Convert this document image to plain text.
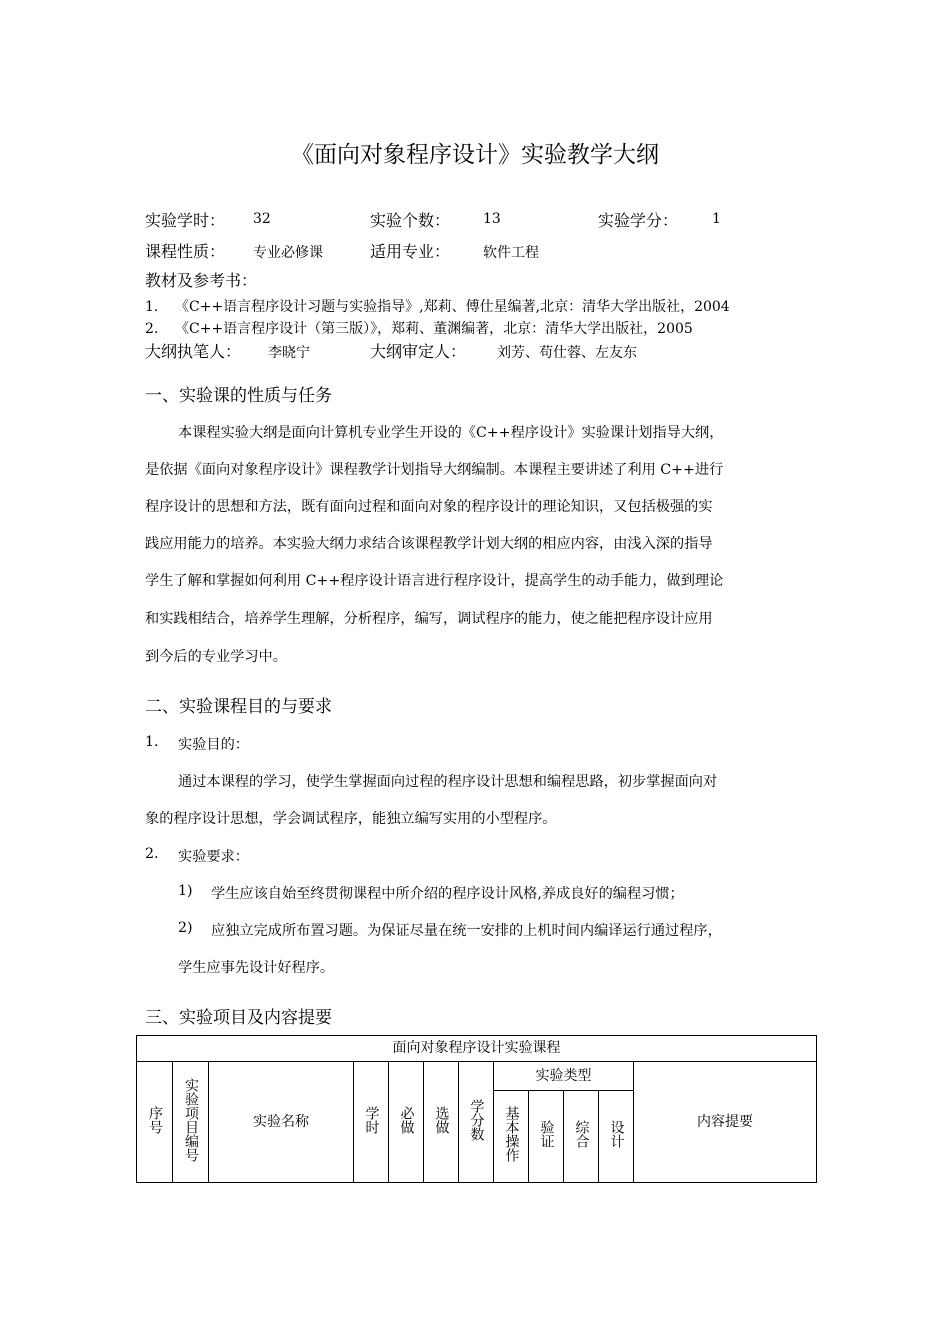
《面向对象程序设计》实验教学大纲
实验学时： 32	实验个数： 13	实验学分： 1
课程性质： 专业必修课	适用专业： 软件工程
教材及参考书：
1. 《C++语言程序设计习题与实验指导》,郑莉、傅仕星编著,北京：清华大学出版社，2004
2. 《C++语言程序设计（第三版）》，郑莉、董渊编著，北京：清华大学出版社，2005
大纲执笔人： 李晓宁	大纲审定人： 刘芳、苟仕蓉、左友东
一、实验课的性质与任务
本课程实验大纲是面向计算机专业学生开设的《C++程序设计》实验课计划指导大纲，
是依据《面向对象程序设计》课程教学计划指导大纲编制。本课程主要讲述了利用 C++进行
程序设计的思想和方法，既有面向过程和面向对象的程序设计的理论知识，又包括极强的实
践应用能力的培养。本实验大纲力求结合该课程教学计划大纲的相应内容，由浅入深的指导
学生了解和掌握如何利用 C++程序设计语言进行程序设计，提高学生的动手能力，做到理论
和实践相结合，培养学生理解，分析程序，编写，调试程序的能力，使之能把程序设计应用
到今后的专业学习中。
二、实验课程目的与要求
1. 实验目的：
通过本课程的学习，使学生掌握面向过程的程序设计思想和编程思路，初步掌握面向对
象的程序设计思想，学会调试程序，能独立编写实用的小型程序。
2. 实验要求：
1) 学生应该自始至终贯彻课程中所介绍的程序设计风格,养成良好的编程习惯；
2) 应独立完成所布置习题。为保证尽量在统一安排的上机时间内编译运行通过程序，
学生应事先设计好程序。
三、实验项目及内容提要
面向对象程序设计实验课程											
序号	实验项目编号	实验名称	学时	必做	选做	学分数	实验类型				内容提要
							基本操作	验证	综合	设计	
